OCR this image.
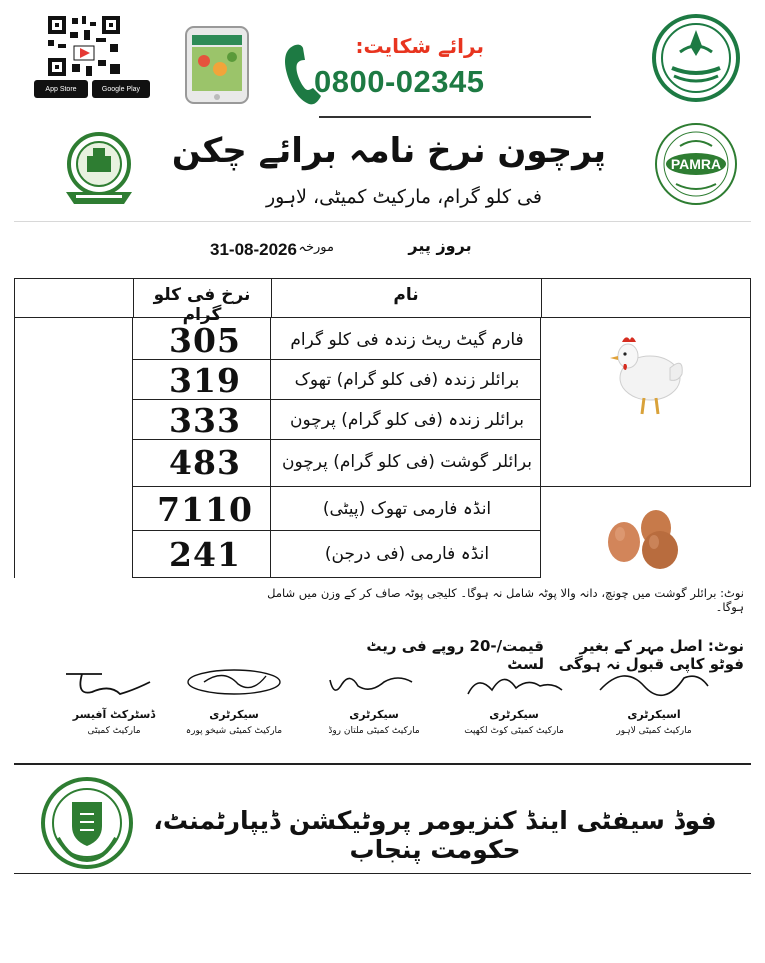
App Store	Google Play
برائے شکایت:
0800-02345
PAMRA
پرچون نرخ نامہ برائے چکن
فی کلو گرام، مارکیٹ کمیٹی، لاہور
بروز پیر
مورخہ
31-08-2026
نرخ فی کلو گرام
نام
305	فارم گیٹ ریٹ زندہ فی کلو گرام
319	برائلر زندہ (فی کلو گرام) تھوک
333	برائلر زندہ (فی کلو گرام) پرچون
483	برائلر گوشت (فی کلو گرام) پرچون
7110	انڈہ فارمی تھوک (پیٹی)
241	انڈہ فارمی (فی درجن)
نوٹ: برائلر گوشت میں چونچ، دانہ والا پوٹہ شامل نہ ہوگا۔ کلیجی پوٹہ صاف کر کے وزن میں شامل ہوگا۔
نوٹ: اصل مہر کے بغیر فوٹو کاپی قبول نہ ہوگی
قیمت/-20 روپے فی ریٹ لسٹ
اسیکرٹری
مارکیٹ کمیٹی لاہور
سیکرٹری
مارکیٹ کمیٹی کوٹ لکھپت
سیکرٹری
مارکیٹ کمیٹی ملتان روڈ
سیکرٹری
مارکیٹ کمیٹی شیخو پورہ
ڈسٹرکٹ آفیسر
مارکیٹ کمیٹی
فوڈ سیفٹی اینڈ کنزیومر پروٹیکشن ڈیپارٹمنٹ، حکومت پنجاب
